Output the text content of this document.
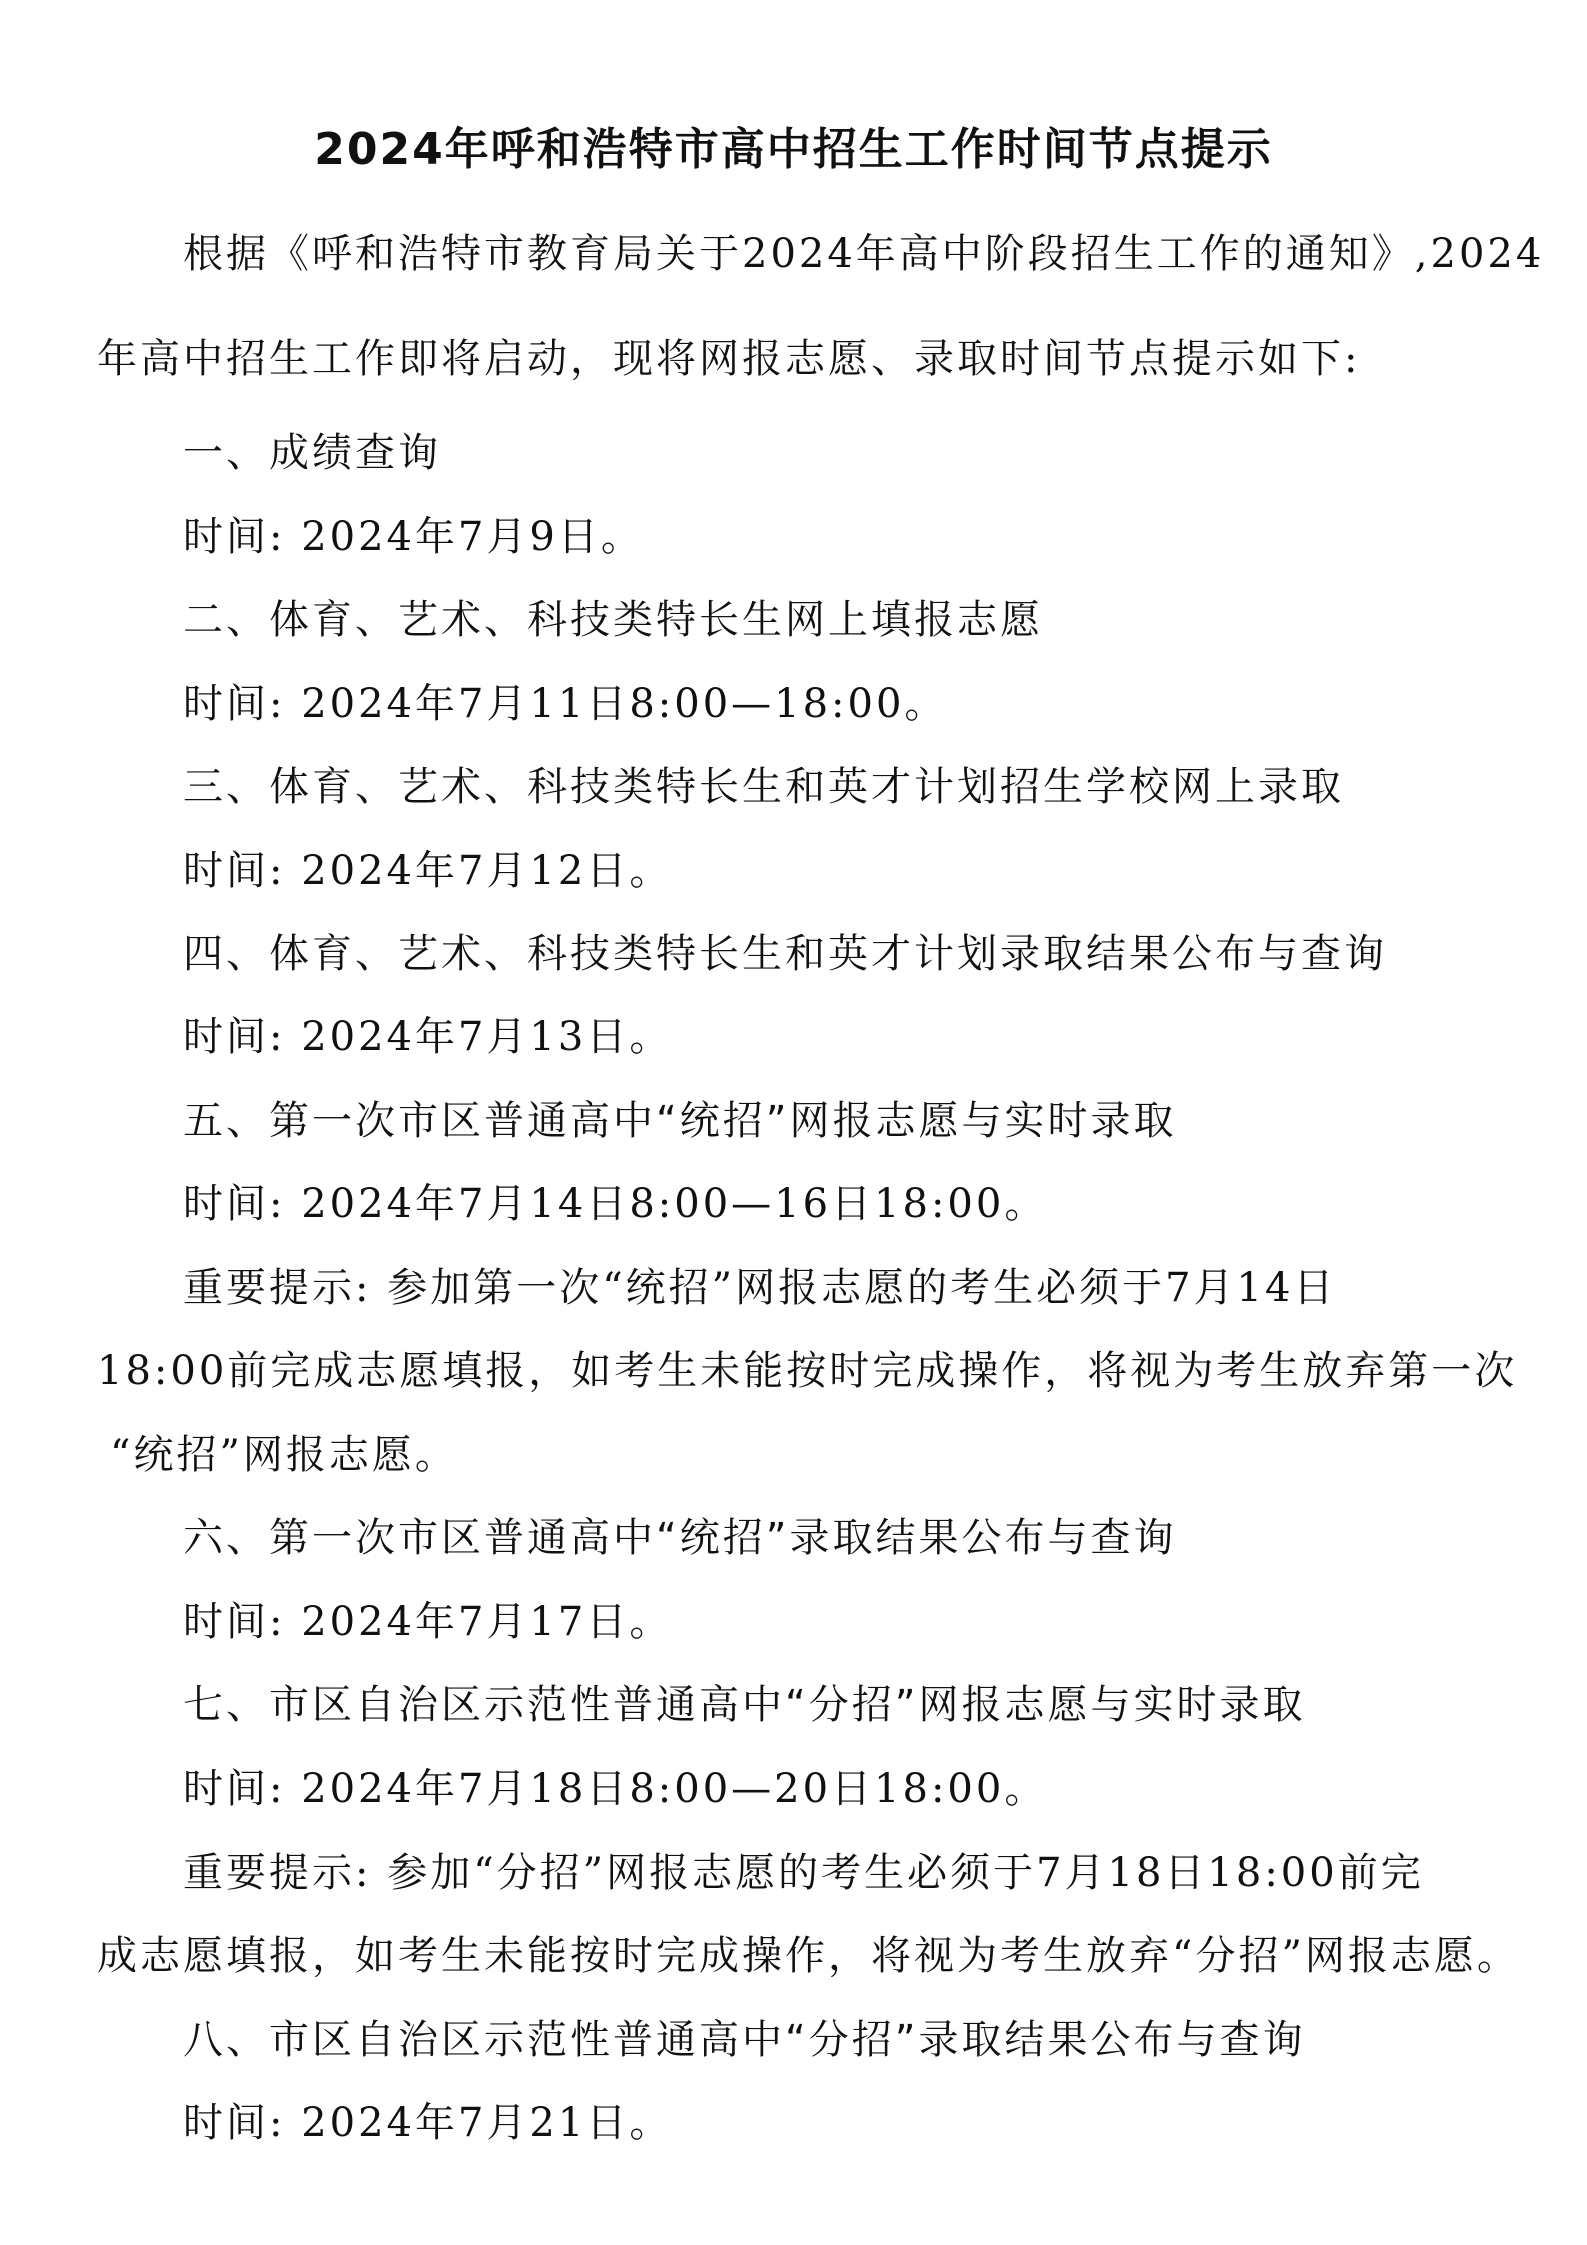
2024年呼和浩特市高中招生工作时间节点提示
根据《呼和浩特市教育局关于2024年高中阶段招生工作的通知》,2024
年高中招生工作即将启动，现将网报志愿、录取时间节点提示如下:
一、成绩查询
时间: 2024年7月9日。
二、体育、艺术、科技类特长生网上填报志愿
时间: 2024年7月11日8:00—18:00。
三、体育、艺术、科技类特长生和英才计划招生学校网上录取
时间: 2024年7月12日。
四、体育、艺术、科技类特长生和英才计划录取结果公布与查询
时间: 2024年7月13日。
五、第一次市区普通高中“统招”网报志愿与实时录取
时间: 2024年7月14日8:00—16日18:00。
重要提示: 参加第一次“统招”网报志愿的考生必须于7月14日
18:00前完成志愿填报，如考生未能按时完成操作，将视为考生放弃第一次
“统招”网报志愿。
六、第一次市区普通高中“统招”录取结果公布与查询
时间: 2024年7月17日。
七、市区自治区示范性普通高中“分招”网报志愿与实时录取
时间: 2024年7月18日8:00—20日18:00。
重要提示: 参加“分招”网报志愿的考生必须于7月18日18:00前完
成志愿填报，如考生未能按时完成操作，将视为考生放弃“分招”网报志愿。
八、市区自治区示范性普通高中“分招”录取结果公布与查询
时间: 2024年7月21日。
